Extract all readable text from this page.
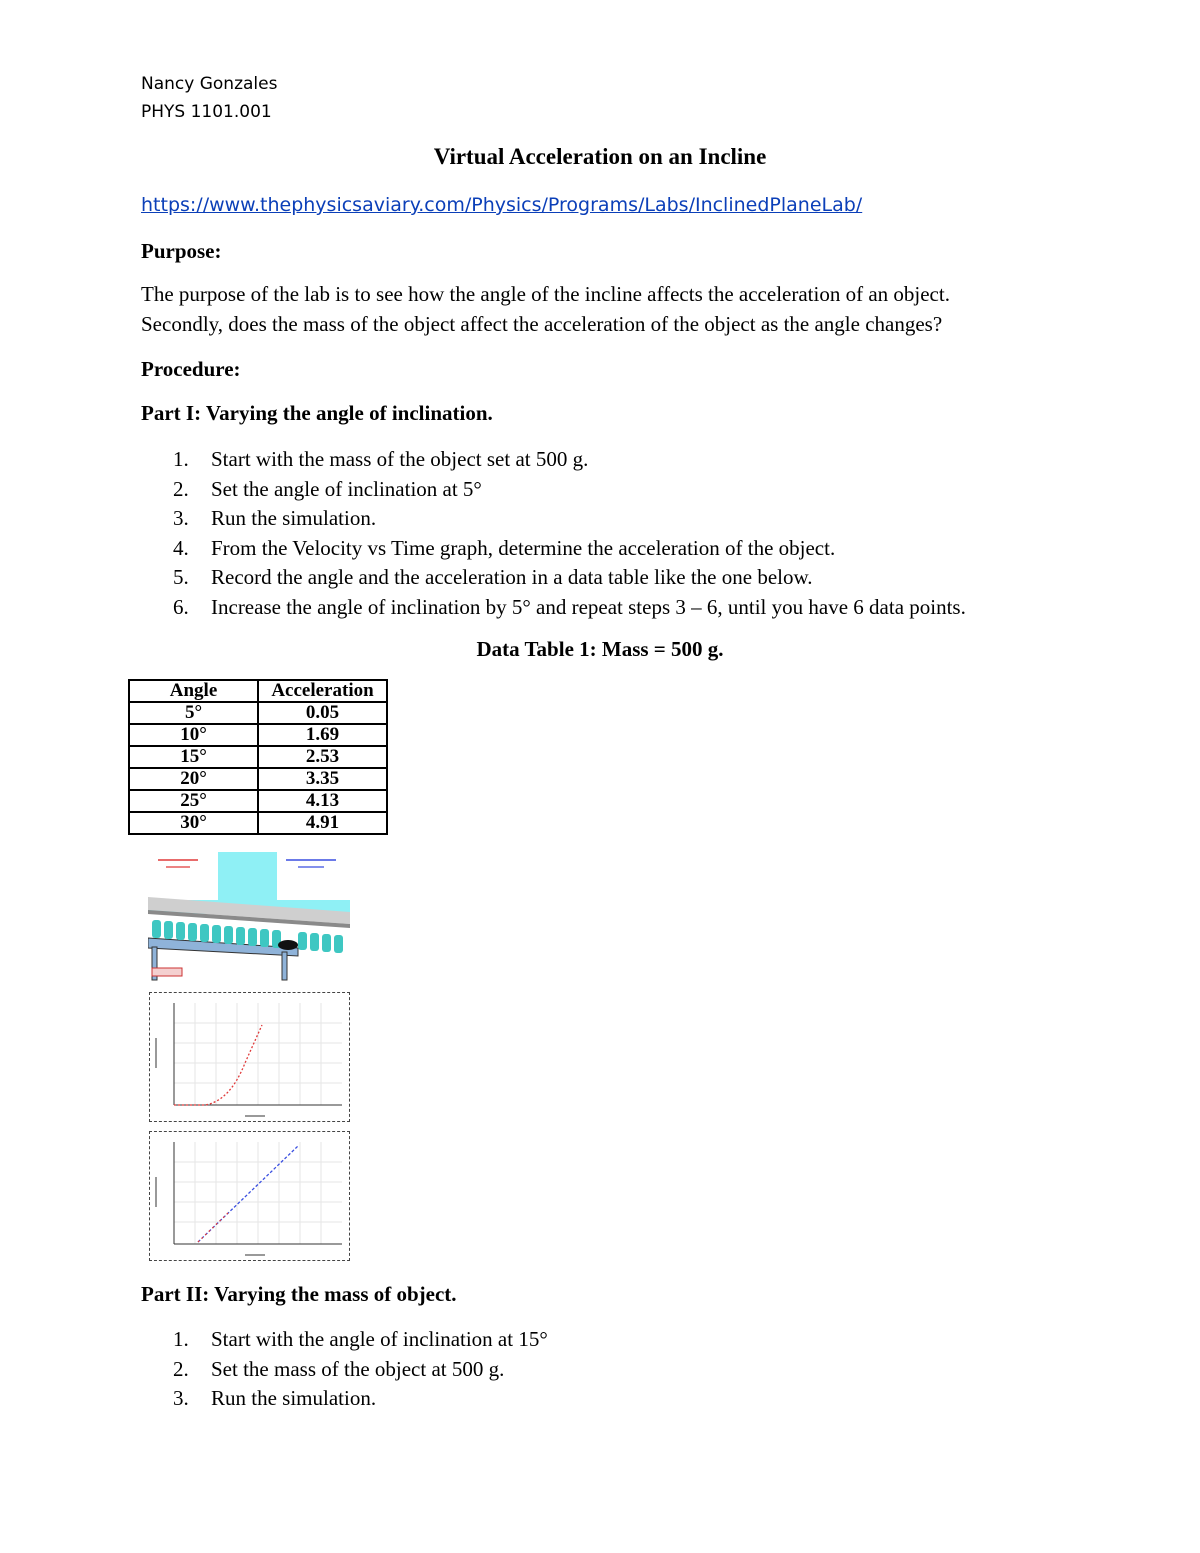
Nancy Gonzales

PHYS 1101.001

Virtual Acceleration on an Incline
https://www.thephysicsaviary.com/Physics/Programs/Labs/InclinedPlaneLab/
Purpose:

The purpose of the lab is to see how the angle of the incline affects the acceleration of an object.

Secondly, does the mass of the object affect the acceleration of the object as the angle changes?

Procedure:
Part I: Varying the angle of inclination.
1. Start with the mass of the object set at 500 g.
2. Set the angle of inclination at 5°
3. Run the simulation.
4. From the Velocity vs Time graph, determine the acceleration of the object.
5. Record the angle and the acceleration in a data table like the one below.
6. Increase the angle of inclination by 5° and repeat steps 3 – 6, until you have 6 data points.

Data Table 1: Mass = 500 g.

Angle	Acceleration
5°	0.05
10°	1.69
15°	2.53
20°	3.35
25°	4.13
30°	4.91
Part II: Varying the mass of object.
1. Start with the angle of inclination at 15°
2. Set the mass of the object at 500 g.
3. Run the simulation.
